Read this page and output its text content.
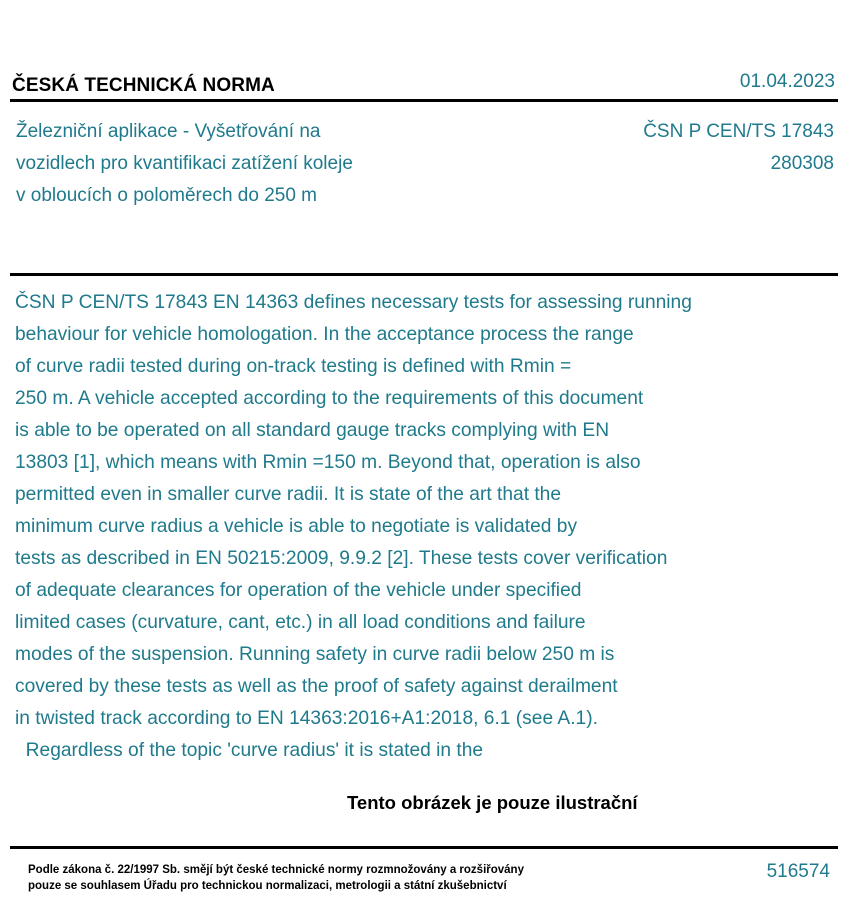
ČESKÁ TECHNICKÁ NORMA	01.04.2023
Železniční aplikace - Vyšetřování na
vozidlech pro kvantifikaci zatížení koleje
v obloucích o poloměrech do 250 m
ČSN P CEN/TS 17843
280308
ČSN P CEN/TS 17843 EN 14363 defines necessary tests for assessing running
behaviour for vehicle homologation. In the acceptance process the range
of curve radii tested during on-track testing is defined with Rmin =
250 m. A vehicle accepted according to the requirements of this document
is able to be operated on all standard gauge tracks complying with EN
13803 [1], which means with Rmin =150 m. Beyond that, operation is also
permitted even in smaller curve radii. It is state of the art that the
minimum curve radius a vehicle is able to negotiate is validated by
tests as described in EN 50215:2009, 9.9.2 [2]. These tests cover verification
of adequate clearances for operation of the vehicle under specified
limited cases (curvature, cant, etc.) in all load conditions and failure
modes of the suspension. Running safety in curve radii below 250 m is
covered by these tests as well as the proof of safety against derailment
in twisted track according to EN 14363:2016+A1:2018, 6.1 (see A.1).
Regardless of the topic 'curve radius' it is stated in the
Tento obrázek je pouze ilustrační
Podle zákona č. 22/1997 Sb. smějí být české technické normy rozmnožovány a rozšiřovány
pouze se souhlasem Úřadu pro technickou normalizaci, metrologii a státní zkušebnictví
516574
